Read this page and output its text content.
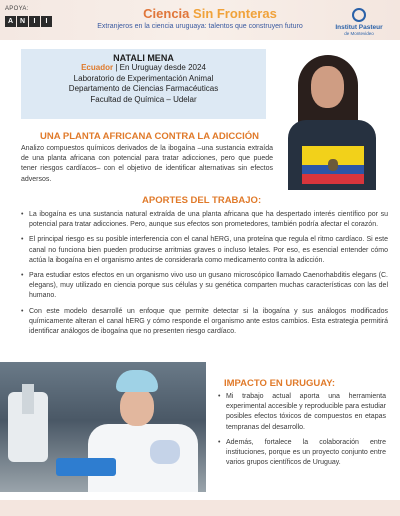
APOYA:
A N	I	I
Ciencia Sin Fronteras
Extranjeros en la ciencia uruguaya: talentos que construyen futuro	Institut Pasteur
de Montevideo
NATALI MENA
Ecuador | En Uruguay desde 2024
Laboratorio de Experimentación Animal
Departamento de Ciencias Farmacéuticas
Facultad de Química – Udelar
UNA PLANTA AFRICANA CONTRA LA ADICCIÓN
Analizo compuestos químicos derivados de la ibogaína –una sustancia extraída de una planta africana con potencial para tratar adicciones, pero que puede tener riesgos cardíacos– con el objetivo de identificar alternativas sin efectos adversos.
APORTES DEL TRABAJO:
• La ibogaína es una sustancia natural extraída de una planta africana que ha despertado interés científico por su potencial para tratar adicciones. Pero, aunque sus efectos son prometedores, también podría afectar el corazón.
• El principal riesgo es su posible interferencia con el canal hERG, una proteína que regula el ritmo cardíaco. Si este canal no funciona bien pueden producirse arritmias graves o incluso letales. Por eso, es esencial entender cómo actúa la ibogaína en el organismo antes de considerarla como medicamento contra la adicción.
• Para estudiar estos efectos en un organismo vivo uso un gusano microscópico llamado Caenorhabditis elegans (C. elegans), muy utilizado en ciencia porque sus células y su genética comparten muchas características con las del humano.
• Con este modelo desarrollé un enfoque que permite detectar si la ibogaína y sus análogos modificados químicamente alteran el canal hERG y cómo responde el organismo ante estos cambios. Esta estrategia permitirá identificar análogos de ibogaína que no presenten riesgo cardíaco.
IMPACTO EN URUGUAY:
• Mi trabajo actual aporta una herramienta experimental accesible y reproducible para estudiar posibles efectos tóxicos de compuestos en etapas tempranas del desarrollo.
• Además, fortalece la colaboración entre instituciones, porque es un proyecto conjunto entre varios grupos científicos de Uruguay.
